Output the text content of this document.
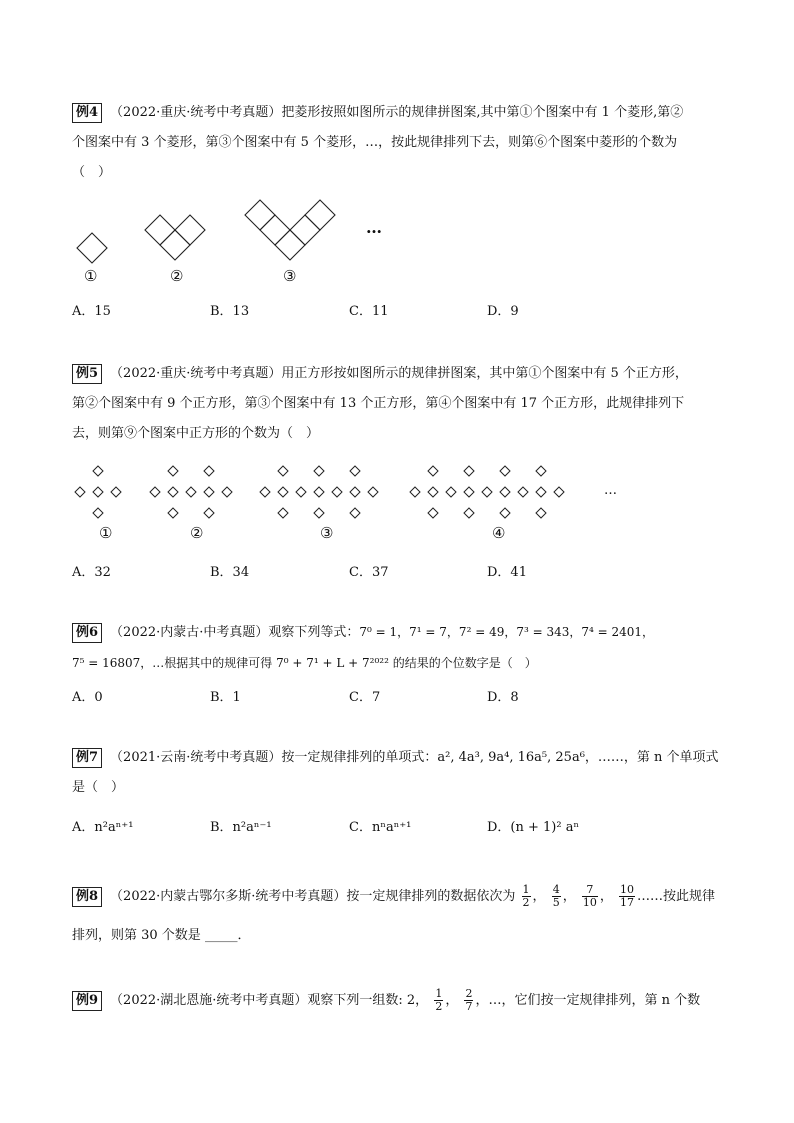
例4 （2022·重庆·统考中考真题）把菱形按照如图所示的规律拼图案,其中第①个图案中有 1 个菱形,第②
个图案中有 3 个菱形，第③个图案中有 5 个菱形，…，按此规律排列下去，则第⑥个图案中菱形的个数为
（　）
…
①	②	③
A．15	B．13	C．11	D．9
例5 （2022·重庆·统考中考真题）用正方形按如图所示的规律拼图案，其中第①个图案中有 5 个正方形，
第②个图案中有 9 个正方形，第③个图案中有 13 个正方形，第④个图案中有 17 个正方形，此规律排列下
去，则第⑨个图案中正方形的个数为（　）
…
①	②	③	④
A．32	B．34	C．37	D．41
例6 （2022·内蒙古·中考真题）观察下列等式：7⁰ = 1，7¹ = 7，7² = 49，7³ = 343，7⁴ = 2401，
7⁵ = 16807，…根据其中的规律可得 7⁰ + 7¹ + L + 7²⁰²² 的结果的个位数字是（　）
A．0	B．1	C．7	D．8
例7 （2021·云南·统考中考真题）按一定规律排列的单项式：a², 4a³, 9a⁴, 16a⁵, 25a⁶，……，第 n 个单项式
是（　）
A．n²aⁿ⁺¹	B．n²aⁿ⁻¹	C．nⁿaⁿ⁺¹	D．(n + 1)² aⁿ
例8 （2022·内蒙古鄂尔多斯·统考中考真题）按一定规律排列的数据依次为 $\frac{1}{2}$ ， $\frac{4}{5}$ ， $\frac{7}{10}$ ， $\frac{10}{17}$ ……按此规律
排列，则第 30 个数是 _____．
例9 （2022·湖北恩施·统考中考真题）观察下列一组数: 2， $\frac{1}{2}$ ， $\frac{2}{7}$ ，…，它们按一定规律排列，第 n 个数
